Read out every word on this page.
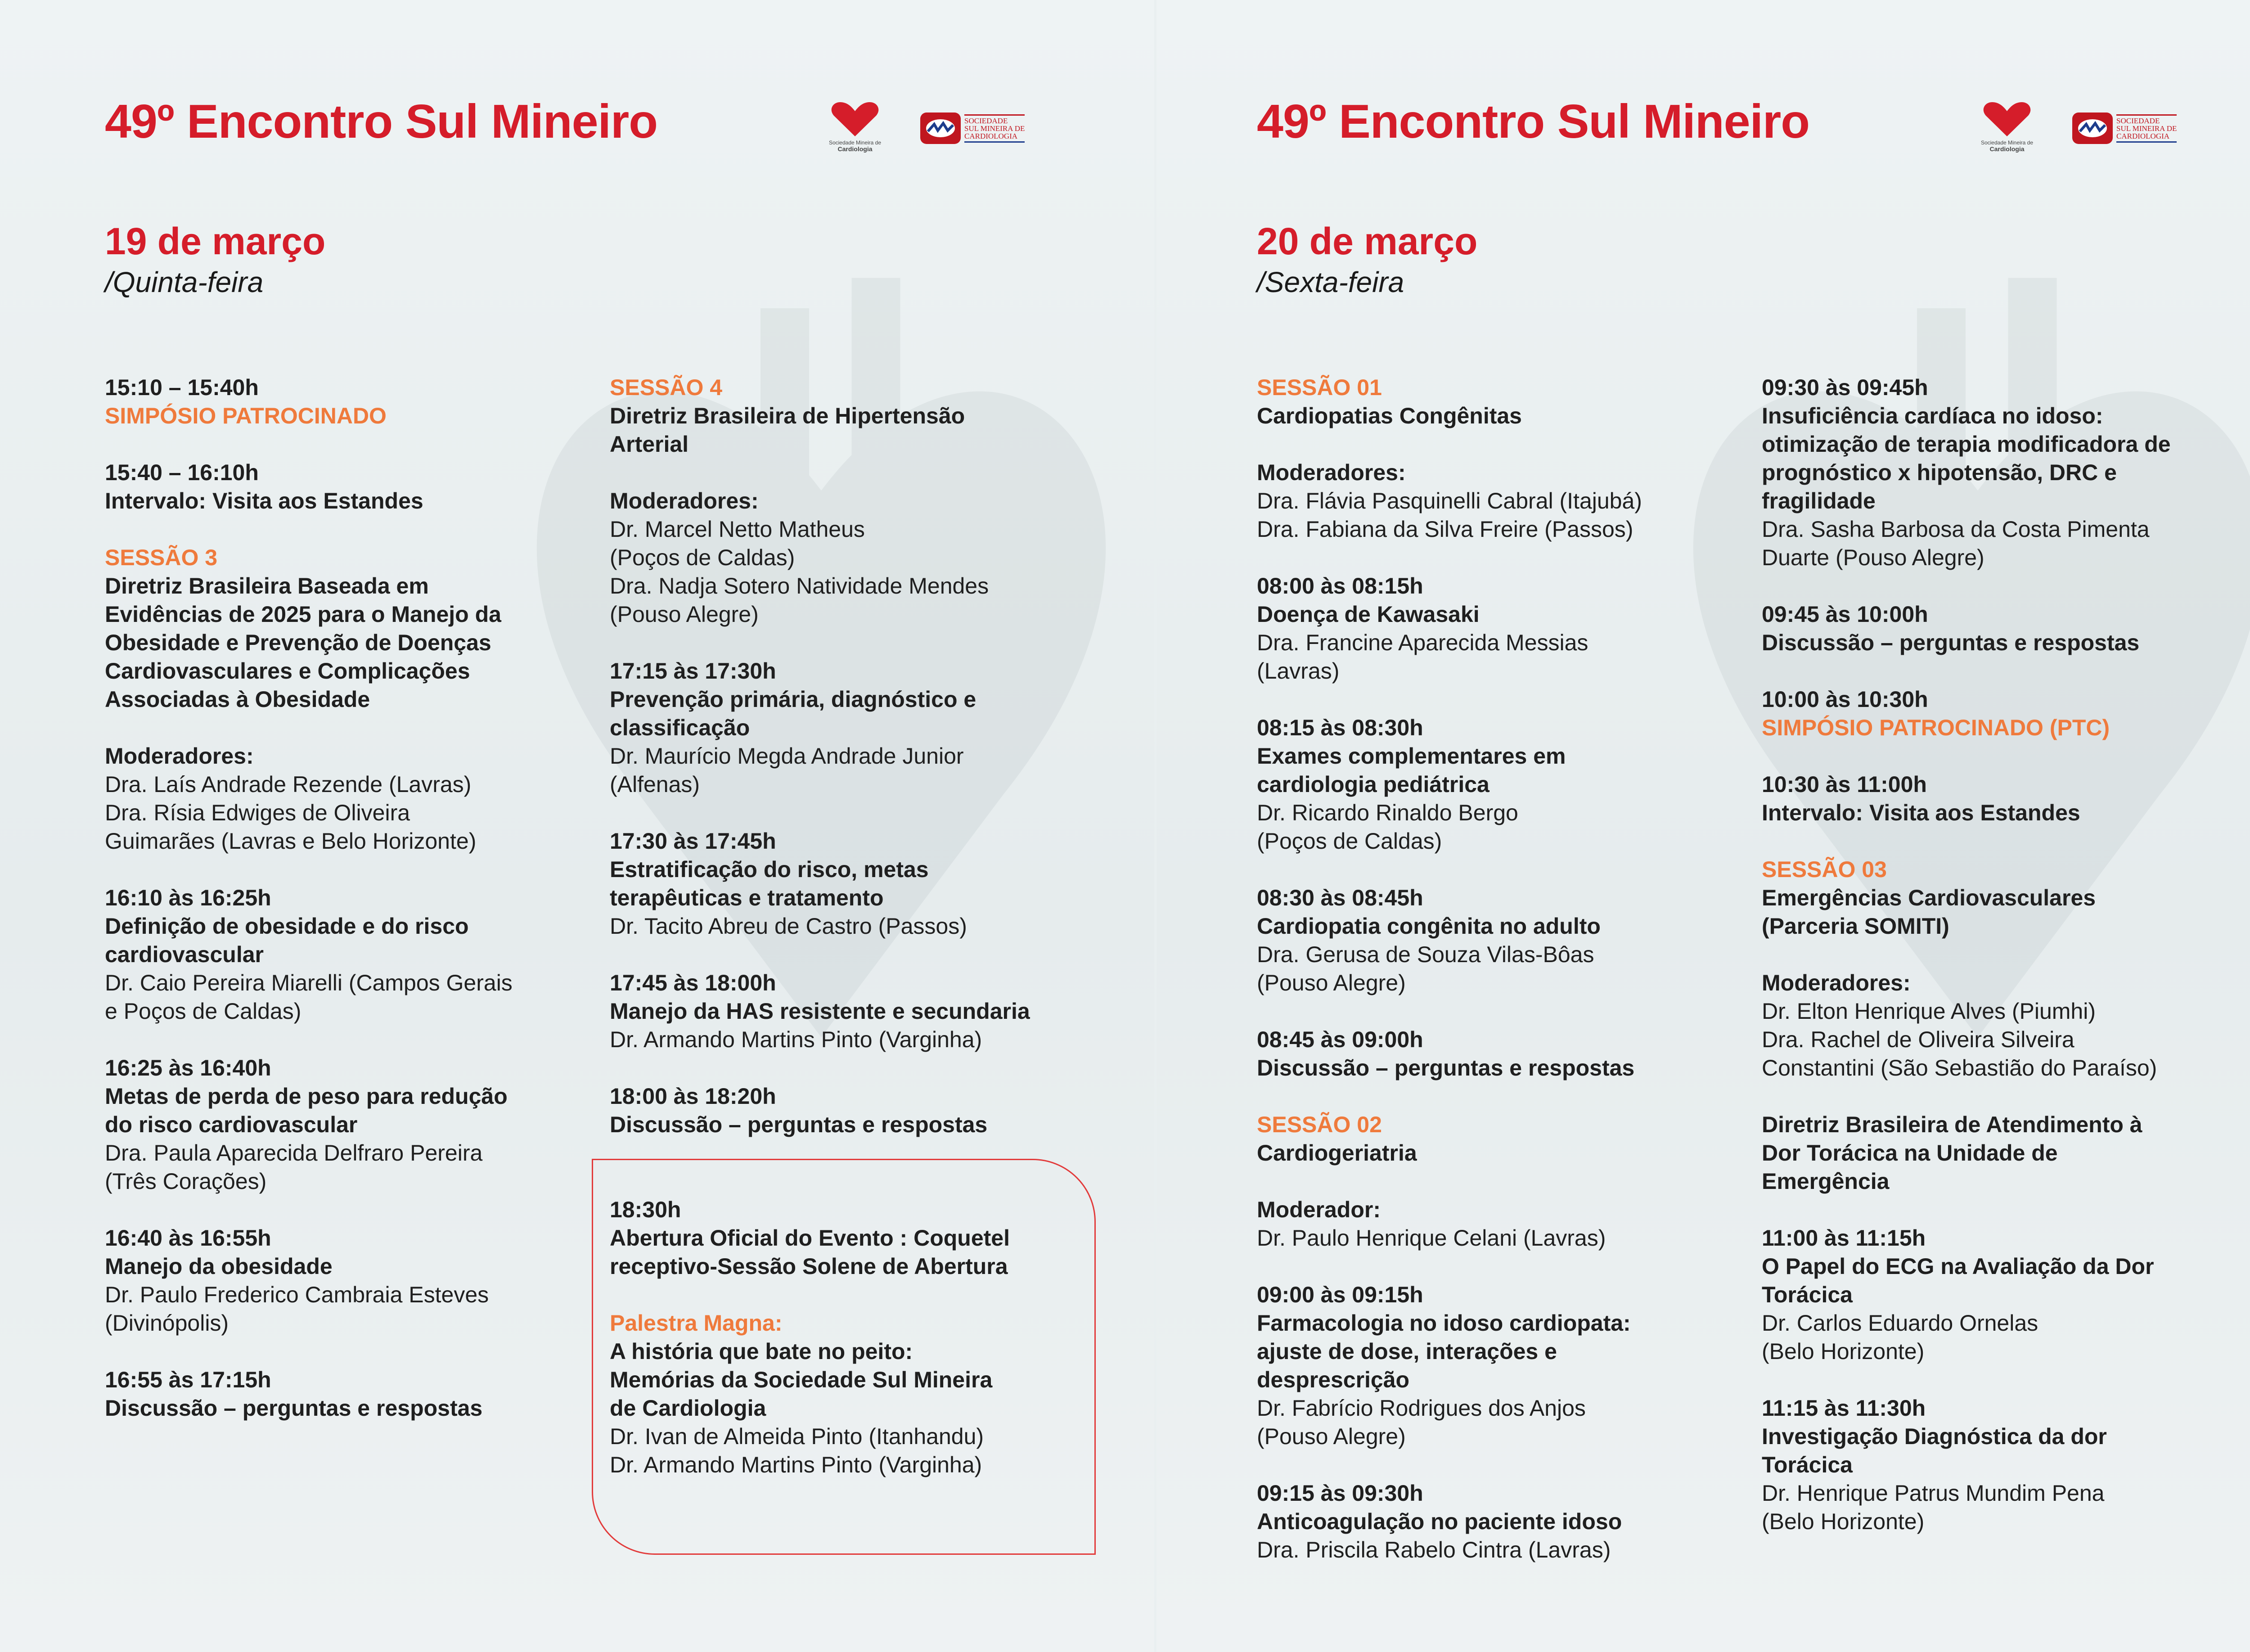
49º Encontro Sul Mineiro	Sociedade Mineira de
Cardiologia
SOCIEDADE
SUL MINEIRA DE
CARDIOLOGIA
19 de março
/Quinta-feira

15:10 – 15:40h

SIMPÓSIO PATROCINADO

15:40 – 16:10h

Intervalo: Visita aos Estandes

SESSÃO 3

Diretriz Brasileira Baseada em

Evidências de 2025 para o Manejo da

Obesidade e Prevenção de Doenças

Cardiovasculares e Complicações

Associadas à Obesidade

Moderadores:

Dra. Laís Andrade Rezende (Lavras)

Dra. Rísia Edwiges de Oliveira

Guimarães (Lavras e Belo Horizonte)

16:10 às 16:25h

Definição de obesidade e do risco

cardiovascular

Dr. Caio Pereira Miarelli (Campos Gerais

e Poços de Caldas)

16:25 às 16:40h

Metas de perda de peso para redução

do risco cardiovascular

Dra. Paula Aparecida Delfraro Pereira

(Três Corações)

16:40 às 16:55h

Manejo da obesidade

Dr. Paulo Frederico Cambraia Esteves

(Divinópolis)

16:55 às 17:15h

Discussão – perguntas e respostas

SESSÃO 4

Diretriz Brasileira de Hipertensão

Arterial

Moderadores:

Dr. Marcel Netto Matheus

(Poços de Caldas)

Dra. Nadja Sotero Natividade Mendes

(Pouso Alegre)

17:15 às 17:30h

Prevenção primária, diagnóstico e

classificação

Dr. Maurício Megda Andrade Junior

(Alfenas)

17:30 às 17:45h

Estratificação do risco, metas

terapêuticas e tratamento

Dr. Tacito Abreu de Castro (Passos)

17:45 às 18:00h

Manejo da HAS resistente e secundaria

Dr. Armando Martins Pinto (Varginha)

18:00 às 18:20h

Discussão – perguntas e respostas

18:30h

Abertura Oficial do Evento : Coquetel

receptivo-Sessão Solene de Abertura

Palestra Magna:

A história que bate no peito:

Memórias da Sociedade Sul Mineira

de Cardiologia

Dr. Ivan de Almeida Pinto (Itanhandu)

Dr. Armando Martins Pinto (Varginha)

49º Encontro Sul Mineiro	Sociedade Mineira de
Cardiologia
SOCIEDADE
SUL MINEIRA DE
CARDIOLOGIA
20 de março
/Sexta-feira

SESSÃO 01

Cardiopatias Congênitas

Moderadores:

Dra. Flávia Pasquinelli Cabral (Itajubá)

Dra. Fabiana da Silva Freire (Passos)

08:00 às 08:15h

Doença de Kawasaki

Dra. Francine Aparecida Messias

(Lavras)

08:15 às 08:30h

Exames complementares em

cardiologia pediátrica

Dr. Ricardo Rinaldo Bergo

(Poços de Caldas)

08:30 às 08:45h

Cardiopatia congênita no adulto

Dra. Gerusa de Souza Vilas-Bôas

(Pouso Alegre)

08:45 às 09:00h

Discussão – perguntas e respostas

SESSÃO 02

Cardiogeriatria

Moderador:

Dr. Paulo Henrique Celani (Lavras)

09:00 às 09:15h

Farmacologia no idoso cardiopata:

ajuste de dose, interações e

desprescrição

Dr. Fabrício Rodrigues dos Anjos

(Pouso Alegre)

09:15 às 09:30h

Anticoagulação no paciente idoso

Dra. Priscila Rabelo Cintra (Lavras)

09:30 às 09:45h

Insuficiência cardíaca no idoso:

otimização de terapia modificadora de

prognóstico x hipotensão, DRC e

fragilidade

Dra. Sasha Barbosa da Costa Pimenta

Duarte (Pouso Alegre)

09:45 às 10:00h

Discussão – perguntas e respostas

10:00 às 10:30h

SIMPÓSIO PATROCINADO (PTC)

10:30 às 11:00h

Intervalo: Visita aos Estandes

SESSÃO 03

Emergências Cardiovasculares

(Parceria SOMITI)

Moderadores:

Dr. Elton Henrique Alves (Piumhi)

Dra. Rachel de Oliveira Silveira

Constantini (São Sebastião do Paraíso)

Diretriz Brasileira de Atendimento à

Dor Torácica na Unidade de

Emergência

11:00 às 11:15h

O Papel do ECG na Avaliação da Dor

Torácica

Dr. Carlos Eduardo Ornelas

(Belo Horizonte)

11:15 às 11:30h

Investigação Diagnóstica da dor

Torácica

Dr. Henrique Patrus Mundim Pena

(Belo Horizonte)
